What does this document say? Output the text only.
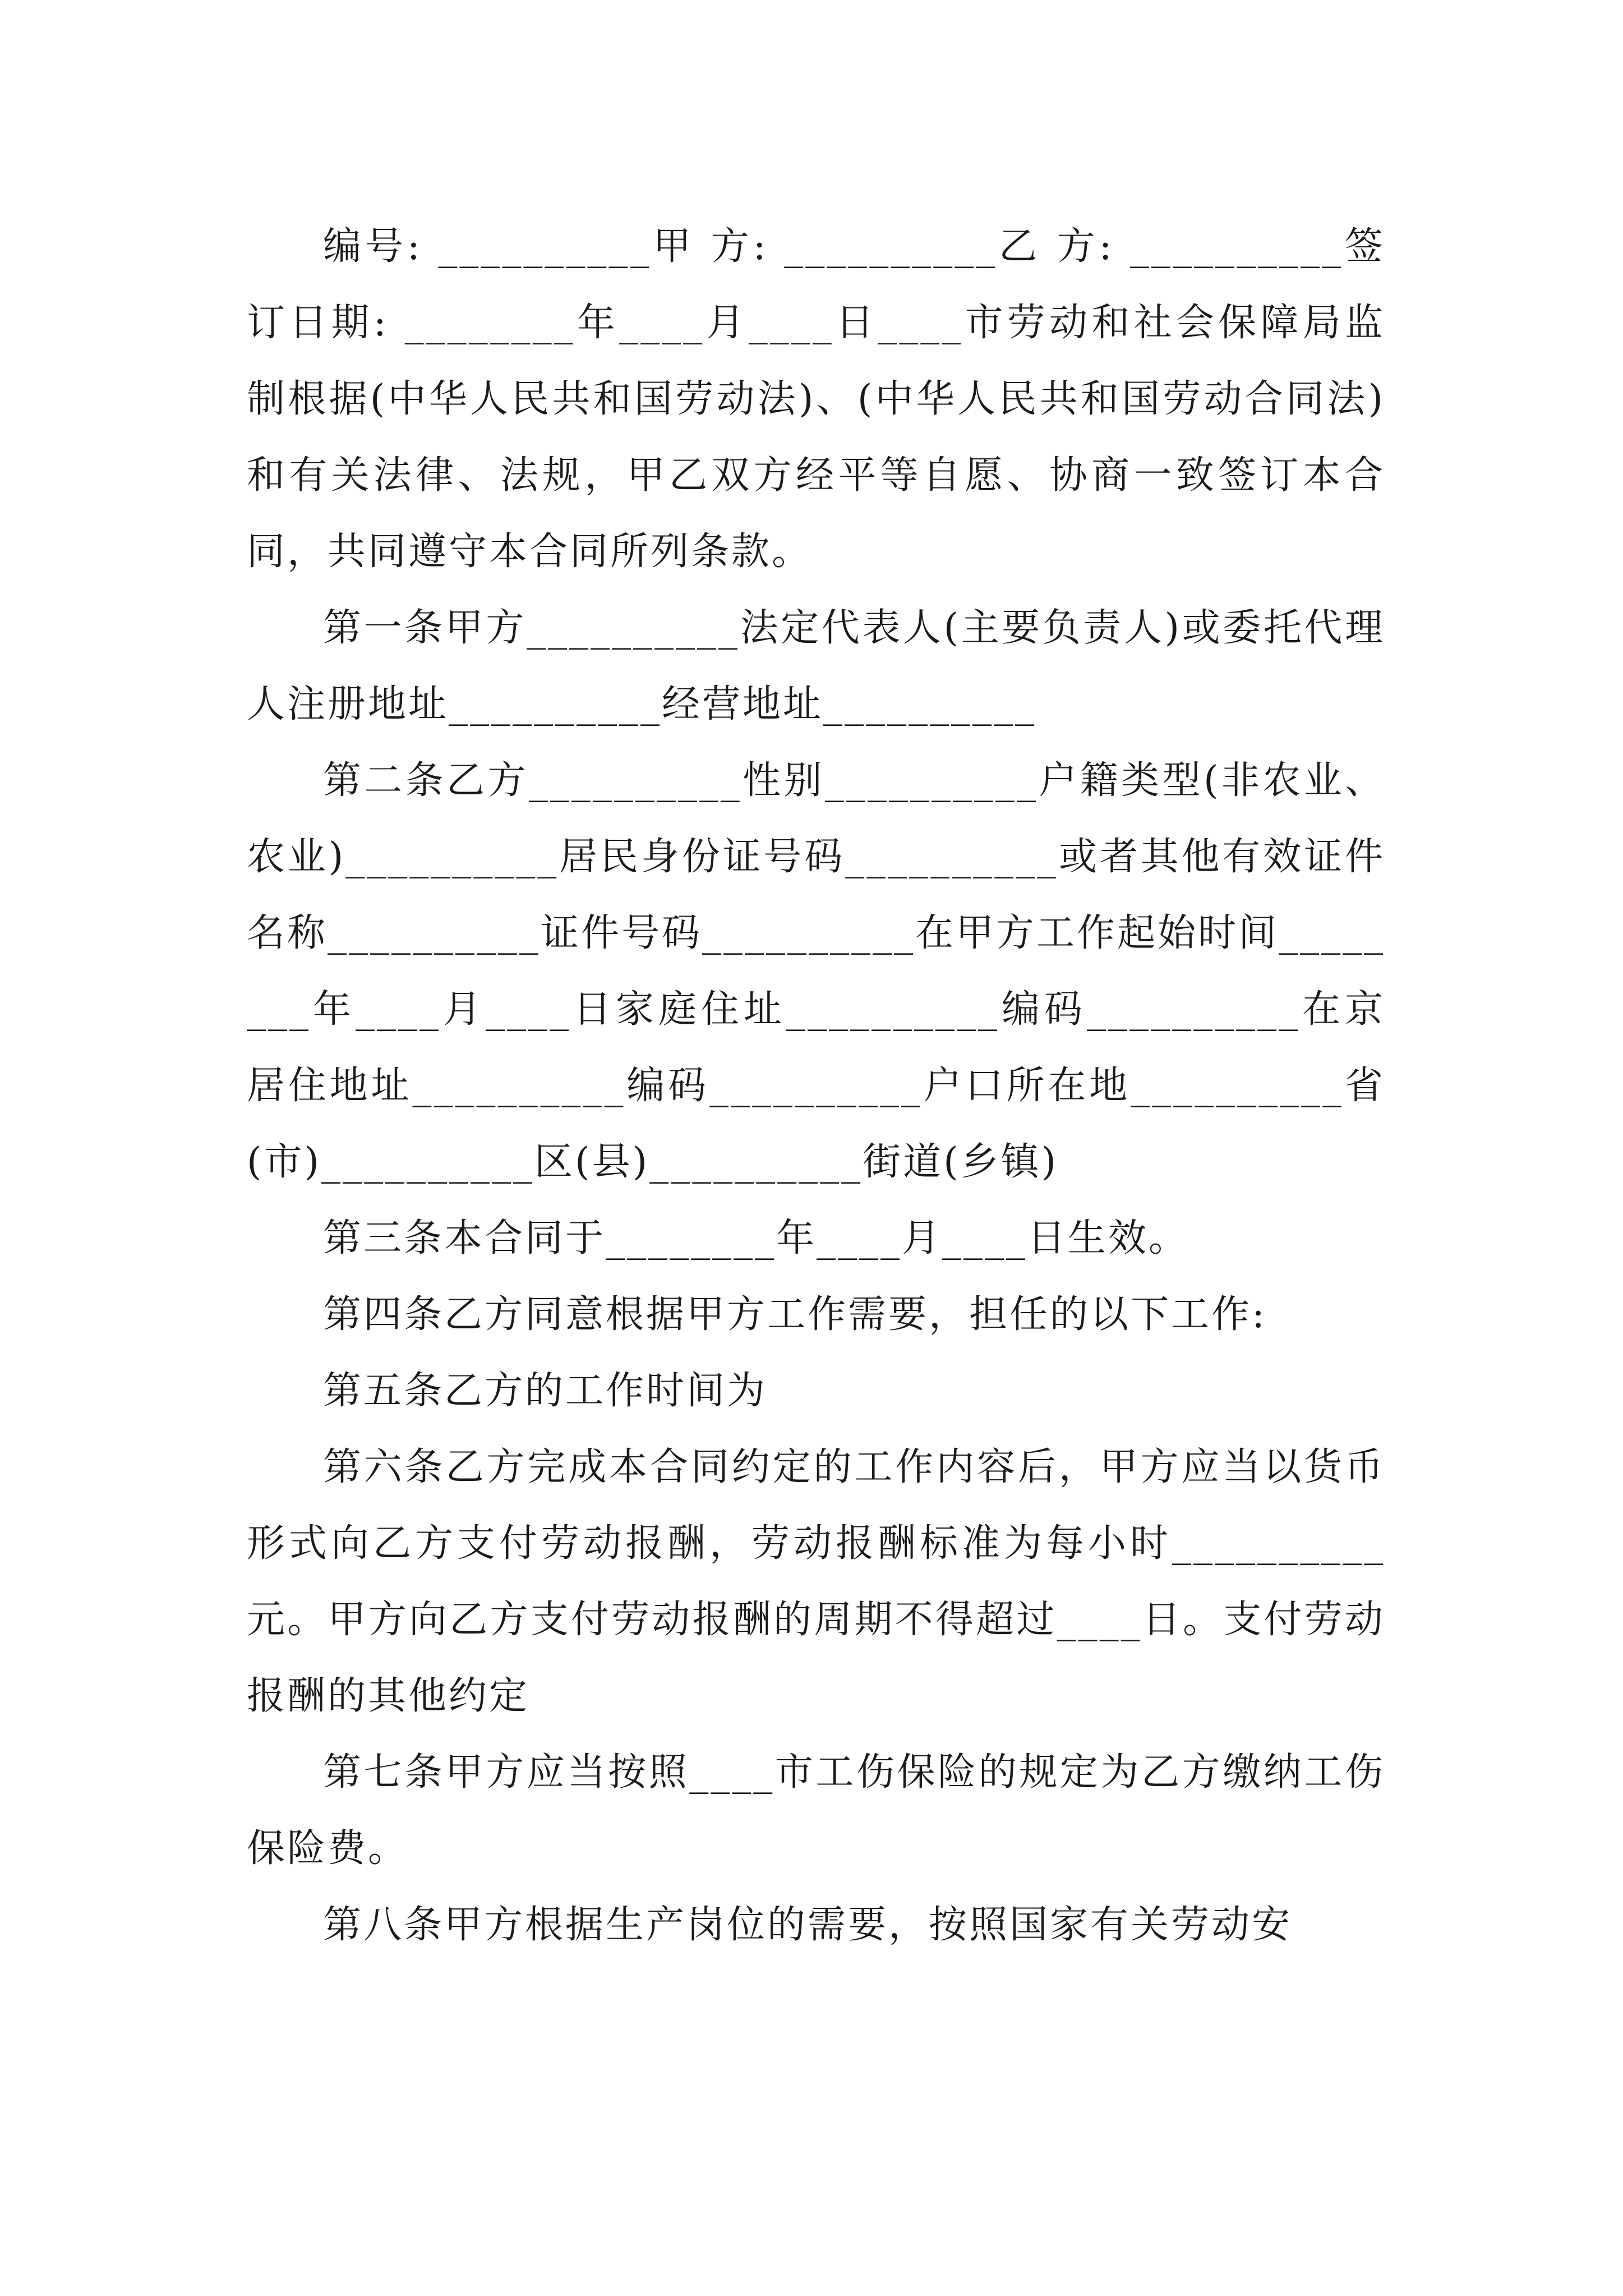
编号: __________甲 方: __________乙 方: __________签订日期: ________年____月____日____市劳动和社会保障局监制根据(中华人民共和国劳动法)、(中华人民共和国劳动合同法)和有关法律、法规，甲乙双方经平等自愿、协商一致签订本合同，共同遵守本合同所列条款。

第一条甲方__________法定代表人(主要负责人)或委托代理人注册地址__________经营地址__________

第二条乙方__________性别__________户籍类型(非农业、农业)__________居民身份证号码__________或者其他有效证件名称__________证件号码__________在甲方工作起始时间________年____月____日家庭住址__________编码__________在京居住地址__________编码__________户口所在地__________省(市)__________区(县)__________街道(乡镇)

第三条本合同于________年____月____日生效。

第四条乙方同意根据甲方工作需要，担任的以下工作:

第五条乙方的工作时间为

第六条乙方完成本合同约定的工作内容后，甲方应当以货币形式向乙方支付劳动报酬，劳动报酬标准为每小时__________元。甲方向乙方支付劳动报酬的周期不得超过____日。支付劳动报酬的其他约定

第七条甲方应当按照____市工伤保险的规定为乙方缴纳工伤保险费。

第八条甲方根据生产岗位的需要，按照国家有关劳动安
